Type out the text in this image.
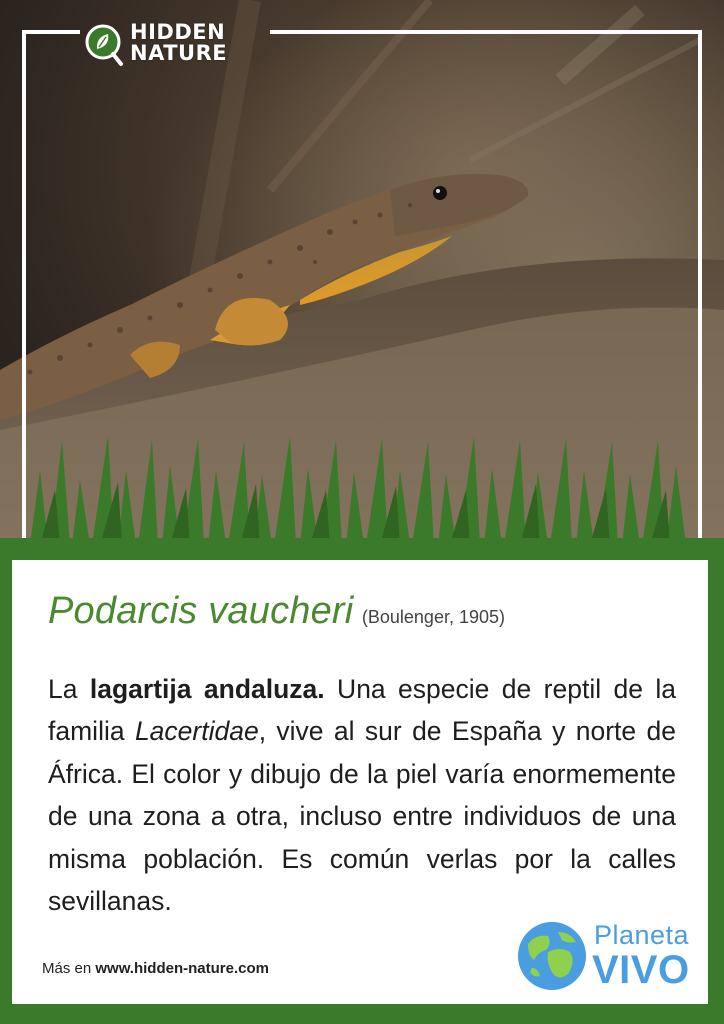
HIDDEN
NATURE
Podarcis vaucheri (Boulenger, 1905)
La lagartija andaluza. Una especie de reptil de la familia Lacertidae, vive al sur de España y norte de África. El color y dibujo de la piel varía enormemente de una zona a otra, incluso entre individuos de una misma población. Es común verlas por la calles sevillanas.
Más en www.hidden-nature.com
Planeta
VIVO
